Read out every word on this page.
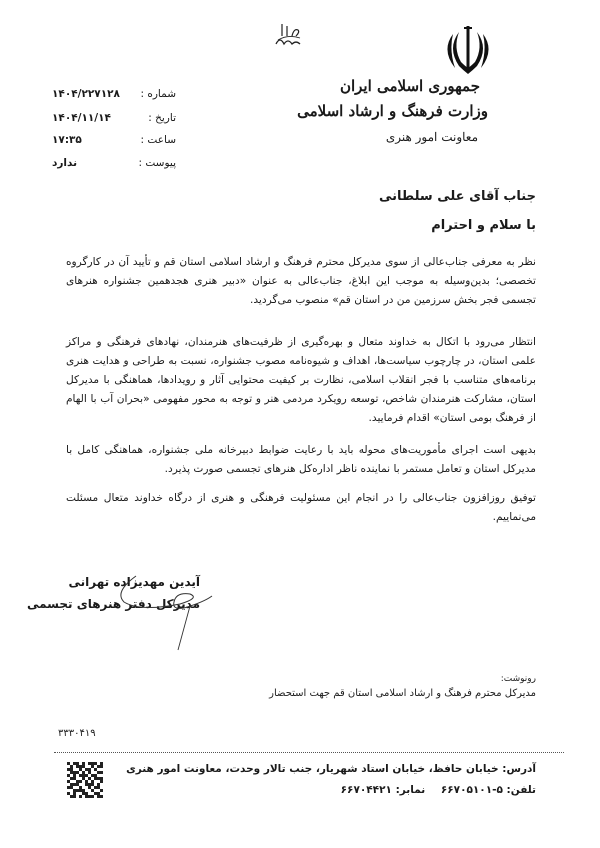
جمهوری اسلامی ایران
وزارت فرهنگ و ارشاد اسلامی
معاونت امور هنری
شماره :
۱۴۰۴/۲۲۷۱۲۸
تاریخ :
۱۴۰۴/۱۱/۱۴
ساعت :
۱۷:۳۵
پیوست :
ندارد
جناب آقای علی سلطانی
با سلام و احترام

نظر به معرفی جناب‌عالی از سوی مدیرکل محترم فرهنگ و ارشاد اسلامی استان قم و تأیید آن در کارگروه تخصصی؛ بدین‌وسیله به موجب این ابلاغ، جناب‌عالی به عنوان «دبیر هنری هجدهمین جشنواره هنرهای تجسمی فجر بخش سرزمین من در استان قم» منصوب می‌گردید.

انتظار می‌رود با اتکال به خداوند متعال و بهره‌گیری از ظرفیت‌های هنرمندان، نهادهای فرهنگی و مراکز علمی استان، در چارچوب سیاست‌ها، اهداف و شیوه‌نامه مصوب جشنواره، نسبت به طراحی و هدایت هنری برنامه‌های متناسب با فجر انقلاب اسلامی، نظارت بر کیفیت محتوایی آثار و رویدادها، هماهنگی با مدیرکل استان، مشارکت هنرمندان شاخص، توسعه رویکرد مردمی هنر و توجه به محور مفهومی «بحران آب با الهام از فرهنگ بومی استان» اقدام فرمایید.

بدیهی است اجرای مأموریت‌های محوله باید با رعایت ضوابط دبیرخانه ملی جشنواره، هماهنگی کامل با مدیرکل استان و تعامل مستمر با نماینده ناظر اداره‌کل هنرهای تجسمی صورت پذیرد.

توفیق روزافزون جناب‌عالی را در انجام این مسئولیت فرهنگی و هنری از درگاه خداوند متعال مسئلت می‌نماییم.

آیدین مهدیزاده تهرانی
مدیرکل دفتر هنرهای تجسمی
رونوشت:
مدیرکل محترم فرهنگ و ارشاد اسلامی استان قم جهت استحضار
۳۳۳۰۴۱۹
آدرس: خیابان حافظ، خیابان استاد شهریار، جنب تالار وحدت، معاونت امور هنری
تلفن: ۵-۶۶۷۰۵۱۰۱ نمابر: ۶۶۷۰۴۴۲۱
